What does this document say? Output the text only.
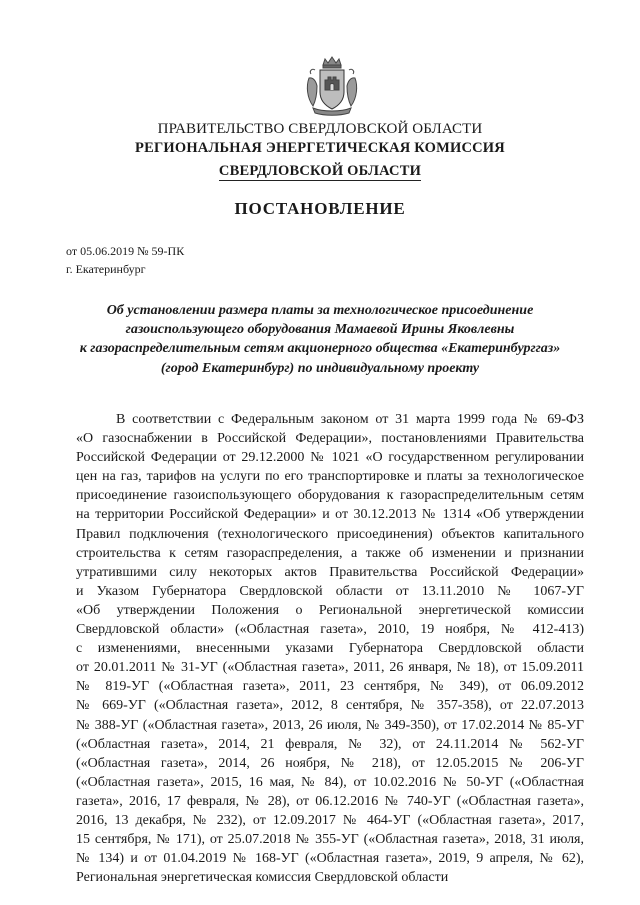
ПРАВИТЕЛЬСТВО СВЕРДЛОВСКОЙ ОБЛАСТИ
РЕГИОНАЛЬНАЯ ЭНЕРГЕТИЧЕСКАЯ КОМИССИЯ
СВЕРДЛОВСКОЙ ОБЛАСТИ
ПОСТАНОВЛЕНИЕ
от 05.06.2019 № 59-ПК
г. Екатеринбург
Об установлении размера платы за технологическое присоединение
газоиспользующего оборудования Мамаевой Ирины Яковлевны
к газораспределительным сетям акционерного общества «Екатеринбурггаз»
(город Екатеринбург) по индивидуальному проекту
В соответствии с Федеральным законом от 31 марта 1999 года № 69-ФЗ
«О газоснабжении в Российской Федерации», постановлениями Правительства
Российской Федерации от 29.12.2000 № 1021 «О государственном регулировании
цен на газ, тарифов на услуги по его транспортировке и платы за технологическое
присоединение газоиспользующего оборудования к газораспределительным сетям
на территории Российской Федерации» и от 30.12.2013 № 1314 «Об утверждении
Правил подключения (технологического присоединения) объектов капитального
строительства к сетям газораспределения, а также об изменении и признании
утратившими силу некоторых актов Правительства Российской Федерации»
и Указом Губернатора Свердловской области от 13.11.2010 № 1067-УГ
«Об утверждении Положения о Региональной энергетической комиссии
Свердловской области» («Областная газета», 2010, 19 ноября, № 412-413)
с изменениями, внесенными указами Губернатора Свердловской области
от 20.01.2011 № 31-УГ («Областная газета», 2011, 26 января, № 18), от 15.09.2011
№ 819-УГ («Областная газета», 2011, 23 сентября, № 349), от 06.09.2012
№ 669-УГ («Областная газета», 2012, 8 сентября, № 357-358), от 22.07.2013
№ 388-УГ («Областная газета», 2013, 26 июля, № 349-350), от 17.02.2014 № 85-УГ
(«Областная газета», 2014, 21 февраля, № 32), от 24.11.2014 № 562-УГ
(«Областная газета», 2014, 26 ноября, № 218), от 12.05.2015 № 206-УГ
(«Областная газета», 2015, 16 мая, № 84), от 10.02.2016 № 50-УГ («Областная
газета», 2016, 17 февраля, № 28), от 06.12.2016 № 740-УГ («Областная газета»,
2016, 13 декабря, № 232), от 12.09.2017 № 464-УГ («Областная газета», 2017,
15 сентября, № 171), от 25.07.2018 № 355-УГ («Областная газета», 2018, 31 июля,
№ 134) и от 01.04.2019 № 168-УГ («Областная газета», 2019, 9 апреля, № 62),
Региональная энергетическая комиссия Свердловской области
